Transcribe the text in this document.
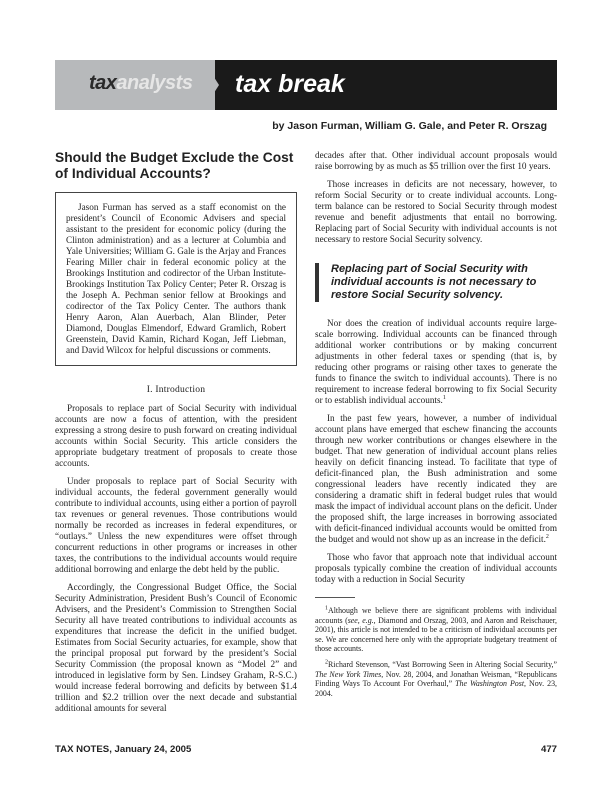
taxanalysts tax break
by Jason Furman, William G. Gale, and Peter R. Orszag
Should the Budget Exclude the Cost of Individual Accounts?

Jason Furman has served as a staff economist on the president’s Council of Economic Advisers and special assistant to the president for economic policy (during the Clinton administration) and as a lecturer at Columbia and Yale Universities; William G. Gale is the Arjay and Frances Fearing Miller chair in federal economic policy at the Brookings Institution and codirector of the Urban Institute-Brookings Institution Tax Policy Center; Peter R. Orszag is the Joseph A. Pechman senior fellow at Brookings and codirector of the Tax Policy Center. The authors thank Henry Aaron, Alan Auerbach, Alan Blinder, Peter Diamond, Douglas Elmendorf, Edward Gramlich, Robert Greenstein, David Kamin, Richard Kogan, Jeff Liebman, and David Wilcox for helpful discussions or comments.

I. Introduction

Proposals to replace part of Social Security with individual accounts are now a focus of attention, with the president expressing a strong desire to push forward on creating individual accounts within Social Security. This article considers the appropriate budgetary treatment of proposals to create those accounts.

Under proposals to replace part of Social Security with individual accounts, the federal government generally would contribute to individual accounts, using either a portion of payroll tax revenues or general revenues. Those contributions would normally be recorded as increases in federal expenditures, or “outlays.” Unless the new expenditures were offset through concurrent reductions in other programs or increases in other taxes, the contributions to the individual accounts would require additional borrowing and enlarge the debt held by the public.

Accordingly, the Congressional Budget Office, the Social Security Administration, President Bush’s Council of Economic Advisers, and the President’s Commission to Strengthen Social Security all have treated contributions to individual accounts as expenditures that increase the deficit in the unified budget. Estimates from Social Security actuaries, for example, show that the principal proposal put forward by the president’s Social Security Commission (the proposal known as “Model 2” and introduced in legislative form by Sen. Lindsey Graham, R-S.C.) would increase federal borrowing and deficits by between $1.4 trillion and $2.2 trillion over the next decade and substantial additional amounts for several

decades after that. Other individual account proposals would raise borrowing by as much as $5 trillion over the first 10 years.

Those increases in deficits are not necessary, however, to reform Social Security or to create individual accounts. Long-term balance can be restored to Social Security through modest revenue and benefit adjustments that entail no borrowing. Replacing part of Social Security with individual accounts is not necessary to restore Social Security solvency.

Replacing part of Social Security with individual accounts is not necessary to restore Social Security solvency.

Nor does the creation of individual accounts require large-scale borrowing. Individual accounts can be financed through additional worker contributions or by making concurrent adjustments in other federal taxes or spending (that is, by reducing other programs or raising other taxes to generate the funds to finance the switch to individual accounts). There is no requirement to increase federal borrowing to fix Social Security or to establish individual accounts.$^1$

In the past few years, however, a number of individual account plans have emerged that eschew financing the accounts through new worker contributions or changes elsewhere in the budget. That new generation of individual account plans relies heavily on deficit financing instead. To facilitate that type of deficit-financed plan, the Bush administration and some congressional leaders have recently indicated they are considering a dramatic shift in federal budget rules that would mask the impact of individual account plans on the deficit. Under the proposed shift, the large increases in borrowing associated with deficit-financed individual accounts would be omitted from the budget and would not show up as an increase in the deficit.$^2$

Those who favor that approach note that individual account proposals typically combine the creation of individual accounts today with a reduction in Social Security

$^1$Although we believe there are significant problems with individual accounts (see, e.g., Diamond and Orszag, 2003, and Aaron and Reischauer, 2001), this article is not intended to be a criticism of individual accounts per se. We are concerned here only with the appropriate budgetary treatment of those accounts.

$^2$Richard Stevenson, “Vast Borrowing Seen in Altering Social Security,” The New York Times, Nov. 28, 2004, and Jonathan Weisman, “Republicans Finding Ways To Account For Overhaul,” The Washington Post, Nov. 23, 2004.

TAX NOTES, January 24, 2005	477
